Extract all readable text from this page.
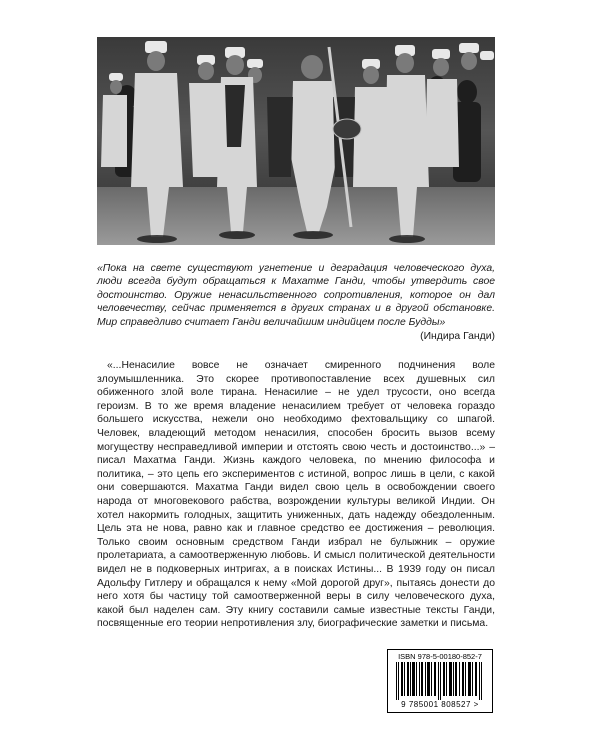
«Пока на свете существуют угнетение и деградация человеческого духа, люди всегда будут обращаться к Махатме Ганди, чтобы утвердить свое достоинство. Оружие ненасильственного сопротивления, которое он дал человечеству, сейчас применяется в других странах и в другой обстановке. Мир справедливо считает Ганди величайшим индийцем после Будды»

(Индира Ганди)

«...Ненасилие вовсе не означает смиренного подчинения воле злоумышленника. Это скорее противопоставление всех душевных сил обиженного злой воле тирана. Ненасилие – не удел трусости, оно всегда героизм. В то же время владение ненасилием требует от человека гораздо большего искусства, нежели оно необходимо фехтовальщику со шпагой. Человек, владеющий методом ненасилия, способен бросить вызов всему могуществу несправедливой империи и отстоять свою честь и достоинство...» – писал Махатма Ганди. Жизнь каждого человека, по мнению философа и политика, – это цепь его экспериментов с истиной, вопрос лишь в цели, с какой они совершаются. Махатма Ганди видел свою цель в освобождении своего народа от многовекового рабства, возрождении культуры великой Индии. Он хотел накормить голодных, защитить униженных, дать надежду обездоленным. Цель эта не нова, равно как и главное средство ее достижения – революция. Только своим основным средством Ганди избрал не булыжник – оружие пролетариата, а самоотверженную любовь. И смысл политической деятельности видел не в подковерных интригах, а в поисках Истины... В 1939 году он писал Адольфу Гитлеру и обращался к нему «Мой дорогой друг», пытаясь донести до него хотя бы частицу той самоотверженной веры в силу человеческого духа, какой был наделен сам. Эту книгу составили самые известные тексты Ганди, посвященные его теории непротивления злу, биографические заметки и письма.

ISBN 978-5-00180-852-7
9 785001 808527 >
